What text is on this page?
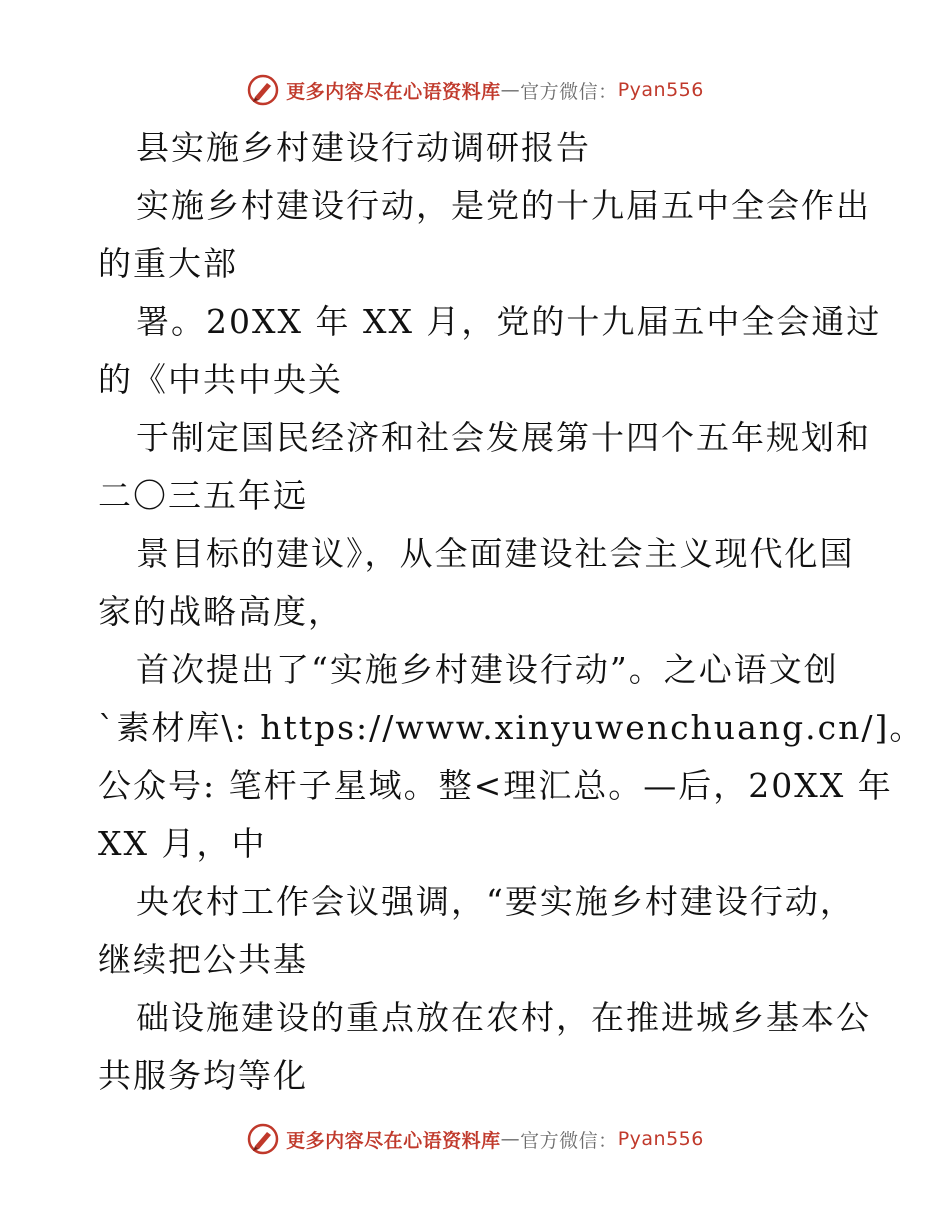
更多内容尽在心语资料库 — 官方微信： Pyan556
县实施乡村建设行动调研报告
实施乡村建设行动，是党的十九届五中全会作出
的重大部
署。20XX 年 XX 月，党的十九届五中全会通过
的《中共中央关
于制定国民经济和社会发展第十四个五年规划和
二〇三五年远
景目标的建议》，从全面建设社会主义现代化国
家的战略高度，
首次提出了“实施乡村建设行动”。之心语文创
`素材库\: https://www.xinyuwenchuang.cn/]。
公众号: 笔杆子星域。整<理汇总。—后，20XX 年
XX 月，中
央农村工作会议强调，“要实施乡村建设行动，
继续把公共基
础设施建设的重点放在农村，在推进城乡基本公
共服务均等化
更多内容尽在心语资料库 — 官方微信： Pyan556
